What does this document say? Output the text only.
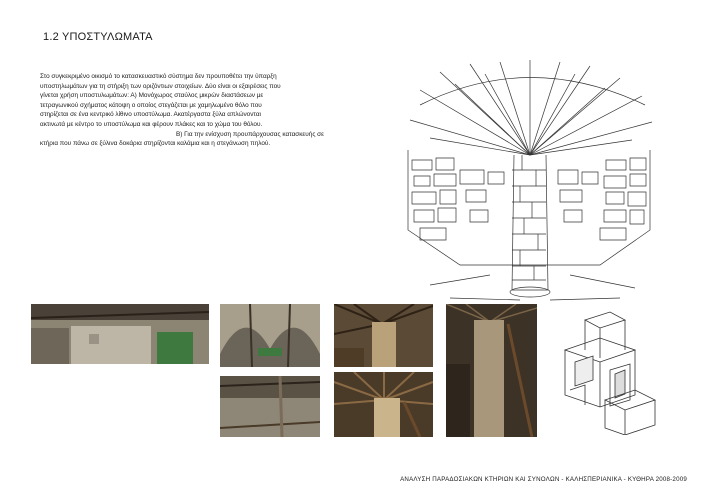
1.2 ΥΠΟΣΤΥΛΩΜΑΤΑ

Στο συγκεκριμένο οικισμό το κατασκευαστικό σύστημα δεν προυποθέτει την ύπαρξη

υποστηλωμάτων για τη στήριξη των οριζόντιων στοιχείων. Δύο είναι οι εξαιρέσεις που

γίνεται χρήση υποστυλωμάτων: Α) Μονόχωρος σταύλος μικρών διαστάσεων με

τετραγωνικού σχήματος κάτοψη ο οποίος στεγάζεται με χαμηλωμένο θόλο που

στηρίζεται σε ένα κεντρικό λίθινο υποστύλωμα. Ακατέργαστα ξύλα απλώνονται

ακτινωτά με κέντρο το υποστύλωμα και φέρουν πλάκες και το χώμα του θόλου.

Β) Για την ενίσχυση προυπάρχουσας κατασκευής σε

κτήρια που πάνω σε ξύλινα δοκάρια στηρίζονται καλάμια και η στεγάνωση πηλού.

ΑΝΑΛΥΣΗ ΠΑΡΑΔΟΣΙΑΚΩΝ ΚΤΗΡΙΩΝ ΚΑΙ ΣΥΝΟΛΩΝ - ΚΑΛΗΣΠΕΡΙΑΝΙΚΑ - ΚΥΘΗΡΑ 2008-2009
